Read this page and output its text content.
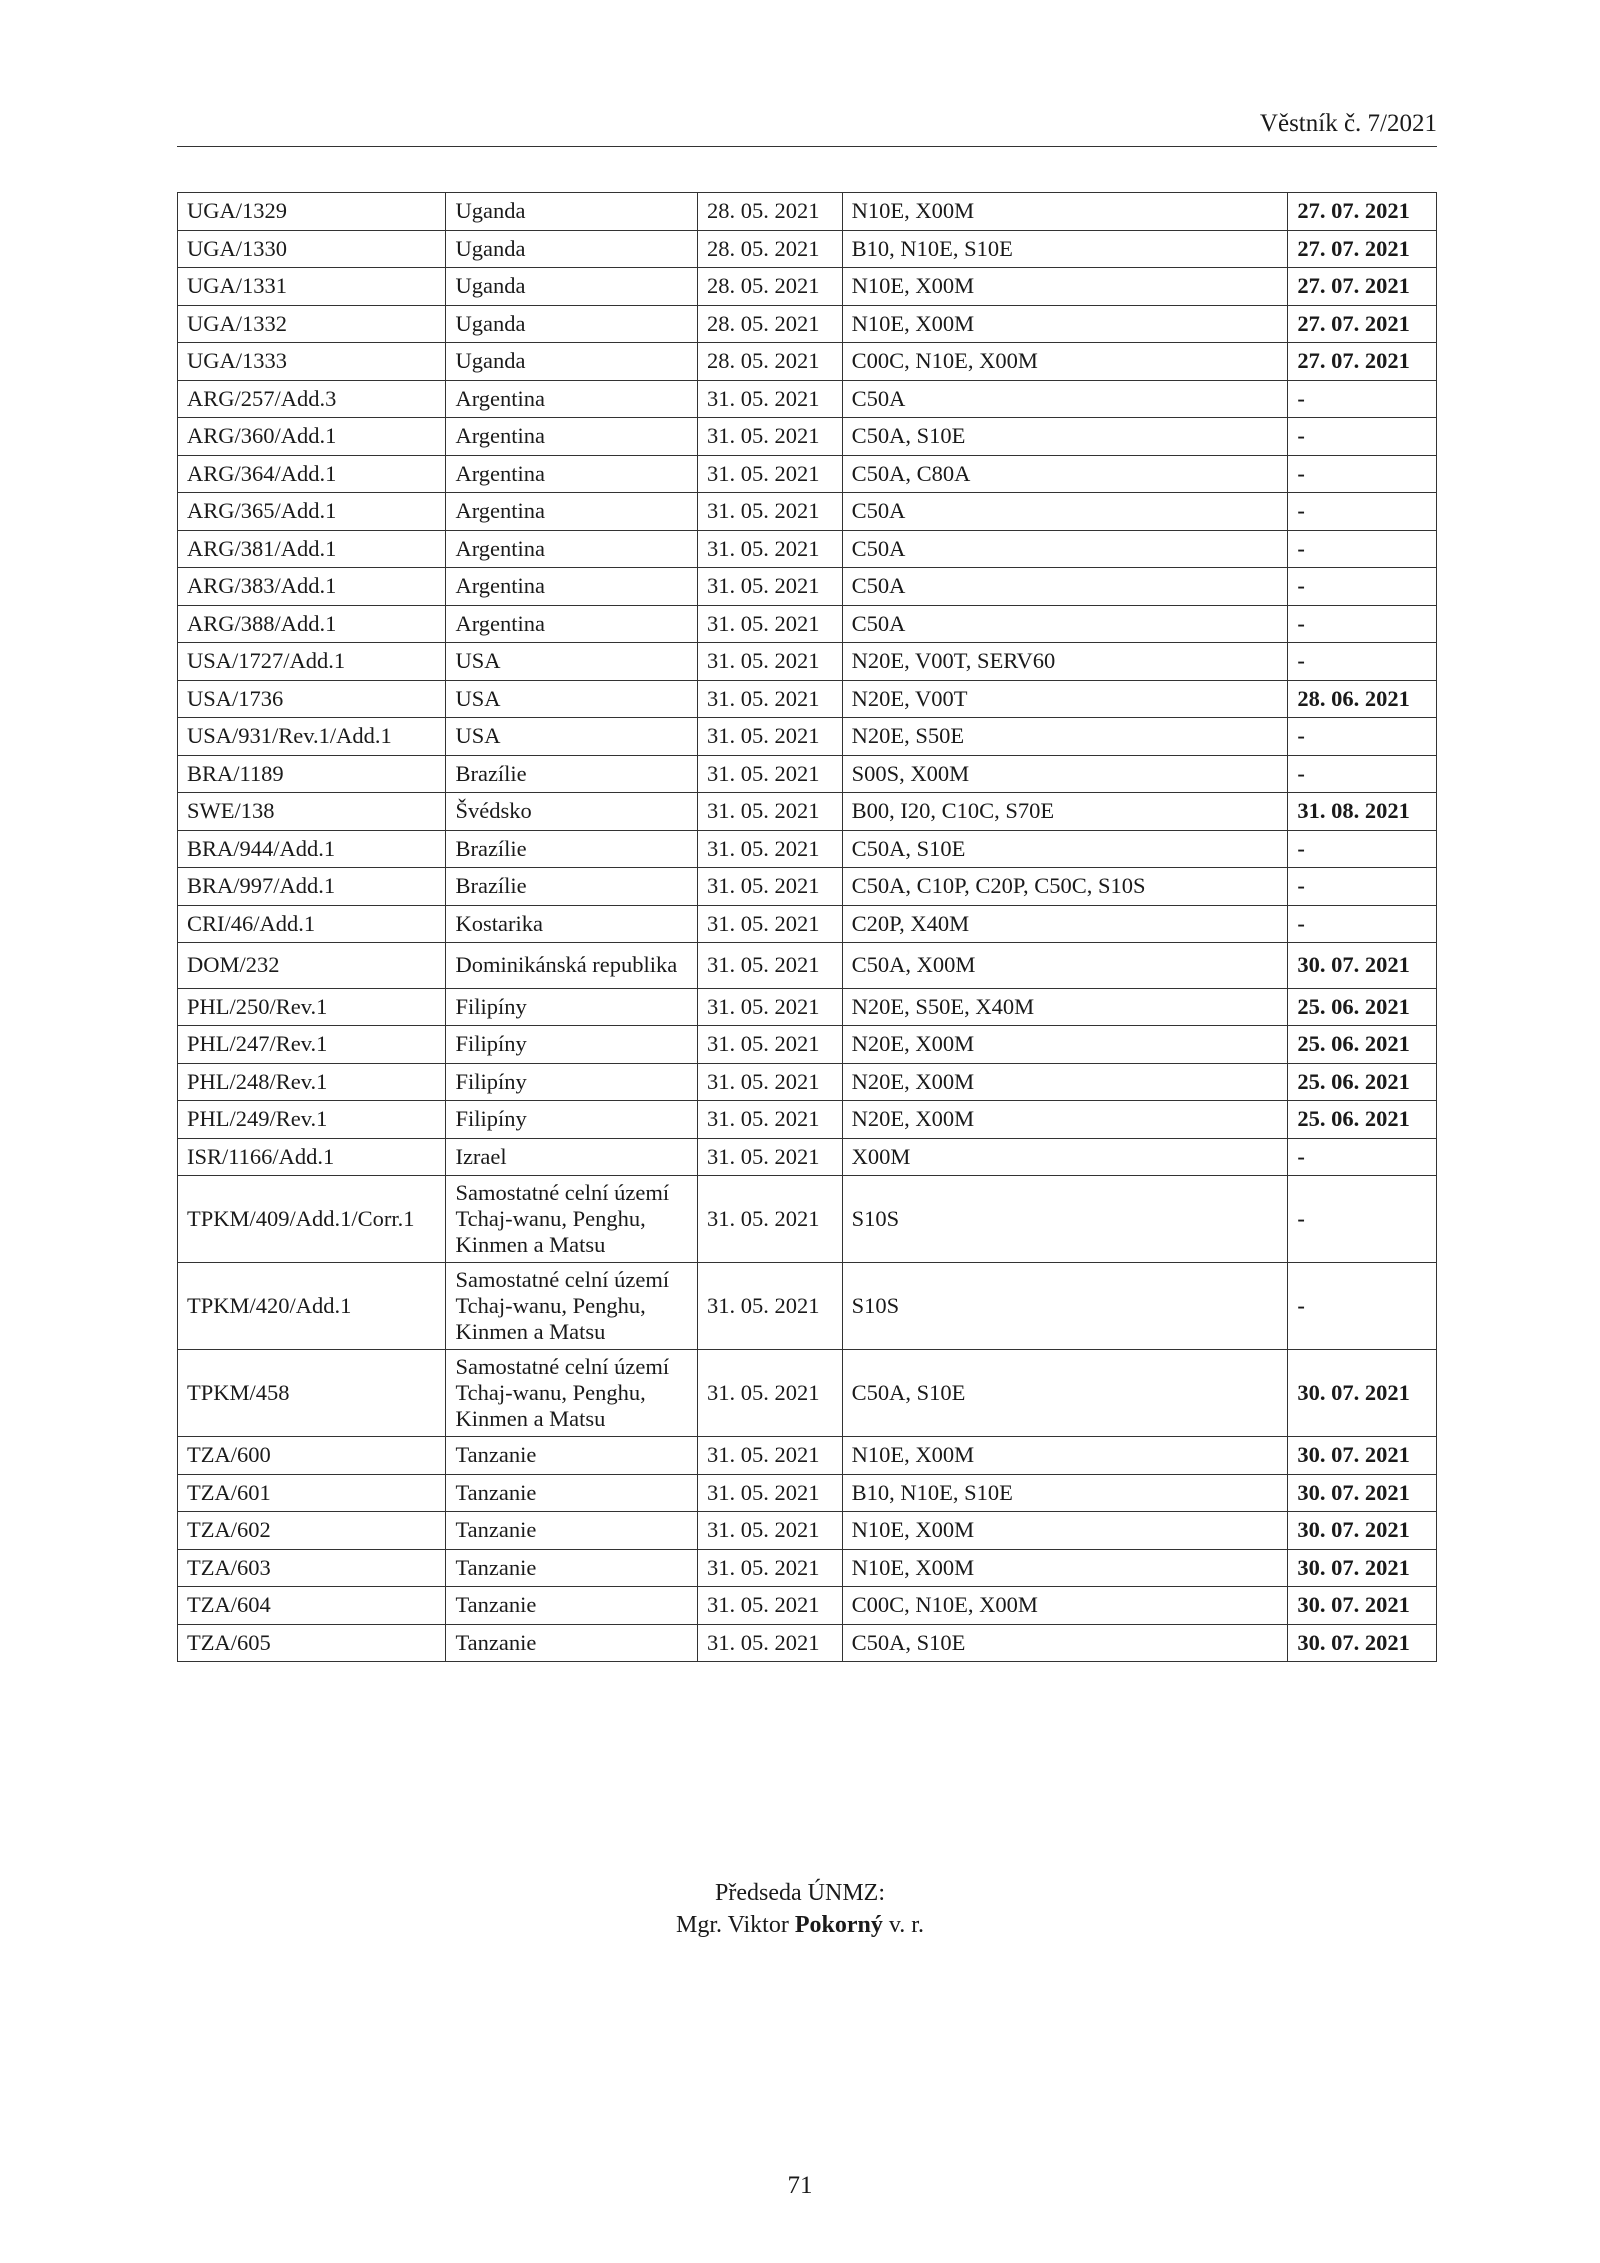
Věstník č. 7/2021
UGA/1329	Uganda	28. 05. 2021	N10E, X00M	27. 07. 2021
UGA/1330	Uganda	28. 05. 2021	B10, N10E, S10E	27. 07. 2021
UGA/1331	Uganda	28. 05. 2021	N10E, X00M	27. 07. 2021
UGA/1332	Uganda	28. 05. 2021	N10E, X00M	27. 07. 2021
UGA/1333	Uganda	28. 05. 2021	C00C, N10E, X00M	27. 07. 2021
ARG/257/Add.3	Argentina	31. 05. 2021	C50A	-
ARG/360/Add.1	Argentina	31. 05. 2021	C50A, S10E	-
ARG/364/Add.1	Argentina	31. 05. 2021	C50A, C80A	-
ARG/365/Add.1	Argentina	31. 05. 2021	C50A	-
ARG/381/Add.1	Argentina	31. 05. 2021	C50A	-
ARG/383/Add.1	Argentina	31. 05. 2021	C50A	-
ARG/388/Add.1	Argentina	31. 05. 2021	C50A	-
USA/1727/Add.1	USA	31. 05. 2021	N20E, V00T, SERV60	-
USA/1736	USA	31. 05. 2021	N20E, V00T	28. 06. 2021
USA/931/Rev.1/Add.1	USA	31. 05. 2021	N20E, S50E	-
BRA/1189	Brazílie	31. 05. 2021	S00S, X00M	-
SWE/138	Švédsko	31. 05. 2021	B00, I20, C10C, S70E	31. 08. 2021
BRA/944/Add.1	Brazílie	31. 05. 2021	C50A, S10E	-
BRA/997/Add.1	Brazílie	31. 05. 2021	C50A, C10P, C20P, C50C, S10S	-
CRI/46/Add.1	Kostarika	31. 05. 2021	C20P, X40M	-
DOM/232	Dominikánská republika	31. 05. 2021	C50A, X00M	30. 07. 2021
PHL/250/Rev.1	Filipíny	31. 05. 2021	N20E, S50E, X40M	25. 06. 2021
PHL/247/Rev.1	Filipíny	31. 05. 2021	N20E, X00M	25. 06. 2021
PHL/248/Rev.1	Filipíny	31. 05. 2021	N20E, X00M	25. 06. 2021
PHL/249/Rev.1	Filipíny	31. 05. 2021	N20E, X00M	25. 06. 2021
ISR/1166/Add.1	Izrael	31. 05. 2021	X00M	-
TPKM/409/Add.1/Corr.1	Samostatné celní území Tchaj-wanu, Penghu, Kinmen a Matsu	31. 05. 2021	S10S	-
TPKM/420/Add.1	Samostatné celní území Tchaj-wanu, Penghu, Kinmen a Matsu	31. 05. 2021	S10S	-
TPKM/458	Samostatné celní území Tchaj-wanu, Penghu, Kinmen a Matsu	31. 05. 2021	C50A, S10E	30. 07. 2021
TZA/600	Tanzanie	31. 05. 2021	N10E, X00M	30. 07. 2021
TZA/601	Tanzanie	31. 05. 2021	B10, N10E, S10E	30. 07. 2021
TZA/602	Tanzanie	31. 05. 2021	N10E, X00M	30. 07. 2021
TZA/603	Tanzanie	31. 05. 2021	N10E, X00M	30. 07. 2021
TZA/604	Tanzanie	31. 05. 2021	C00C, N10E, X00M	30. 07. 2021
TZA/605	Tanzanie	31. 05. 2021	C50A, S10E	30. 07. 2021
Předseda ÚNMZ:
Mgr. Viktor Pokorný v. r.
71
